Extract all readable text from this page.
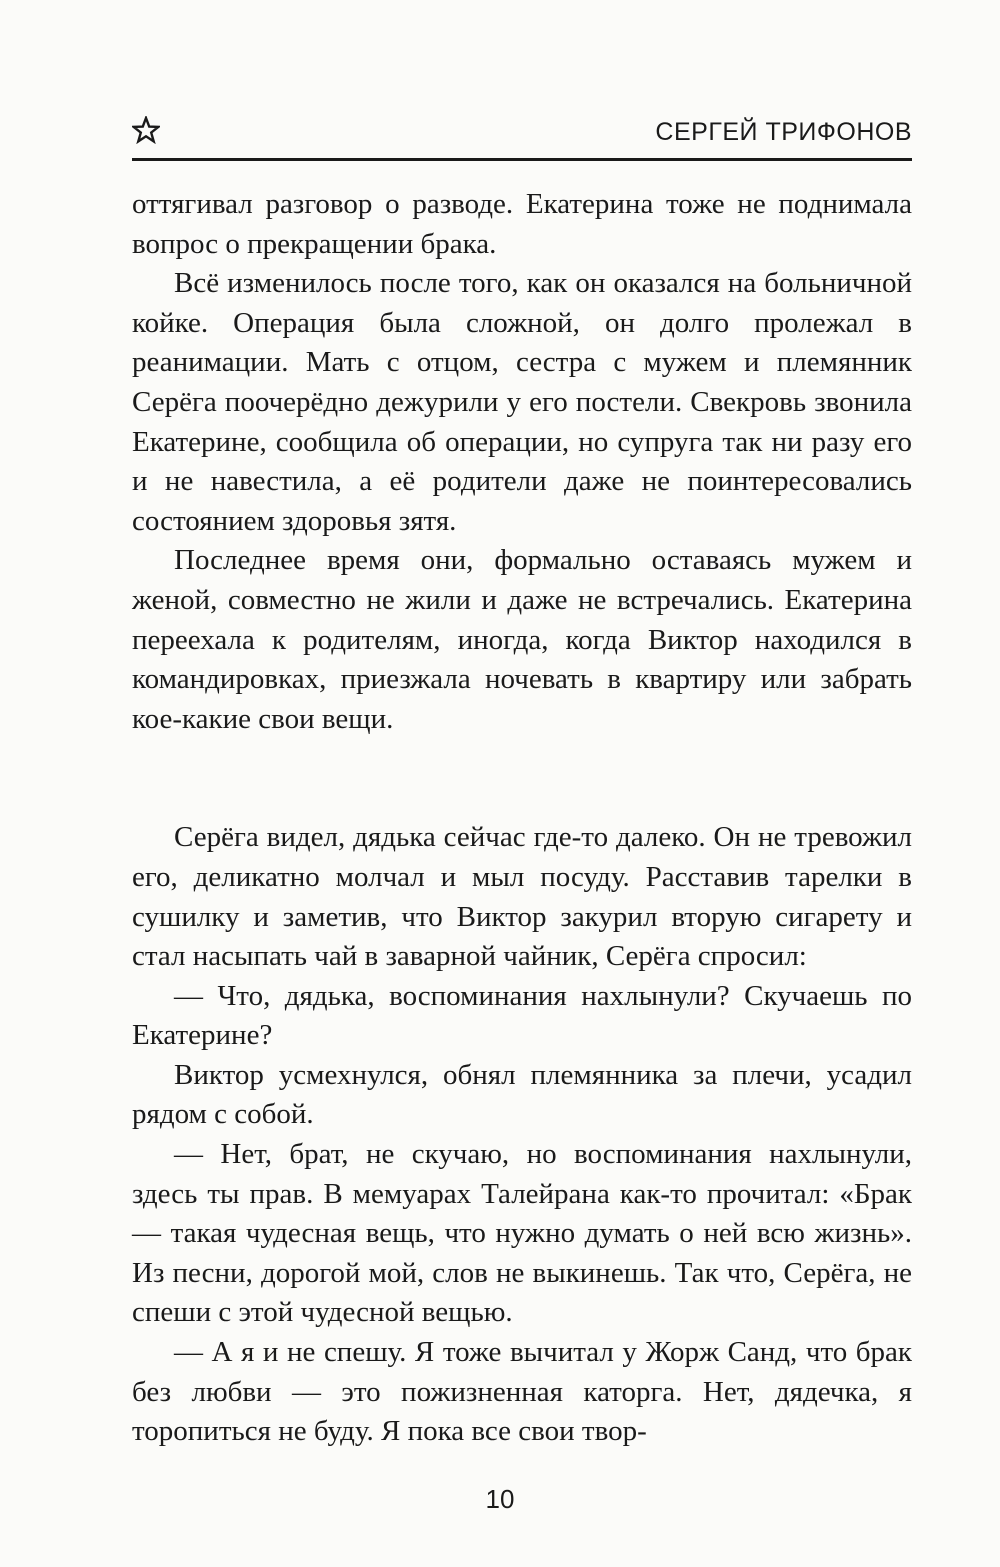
СЕРГЕЙ ТРИФОНОВ

оттягивал разговор о разводе. Екатерина тоже не поднимала вопрос о прекращении брака.

Всё изменилось после того, как он оказался на больничной койке. Операция была сложной, он долго пролежал в реанимации. Мать с отцом, сестра с мужем и племянник Серёга поочерёдно дежурили у его постели. Свекровь звонила Екатерине, сообщила об операции, но супруга так ни разу его и не навестила, а её родители даже не поинтересовались состоянием здоровья зятя.

Последнее время они, формально оставаясь мужем и женой, совместно не жили и даже не встречались. Екатерина переехала к родителям, иногда, когда Виктор находился в командировках, приезжала ночевать в квартиру или забрать кое-какие свои вещи.

Серёга видел, дядька сейчас где-то далеко. Он не тревожил его, деликатно молчал и мыл посуду. Расставив тарелки в сушилку и заметив, что Виктор закурил вторую сигарету и стал насыпать чай в заварной чайник, Серёга спросил:

— Что, дядька, воспоминания нахлынули? Скучаешь по Екатерине?

Виктор усмехнулся, обнял племянника за плечи, усадил рядом с собой.

— Нет, брат, не скучаю, но воспоминания нахлынули, здесь ты прав. В мемуарах Талейрана как-то прочитал: «Брак — такая чудесная вещь, что нужно думать о ней всю жизнь». Из песни, дорогой мой, слов не выкинешь. Так что, Серёга, не спеши с этой чудесной вещью.

— А я и не спешу. Я тоже вычитал у Жорж Санд, что брак без любви — это пожизненная каторга. Нет, дядечка, я торопиться не буду. Я пока все свои твор-

10
